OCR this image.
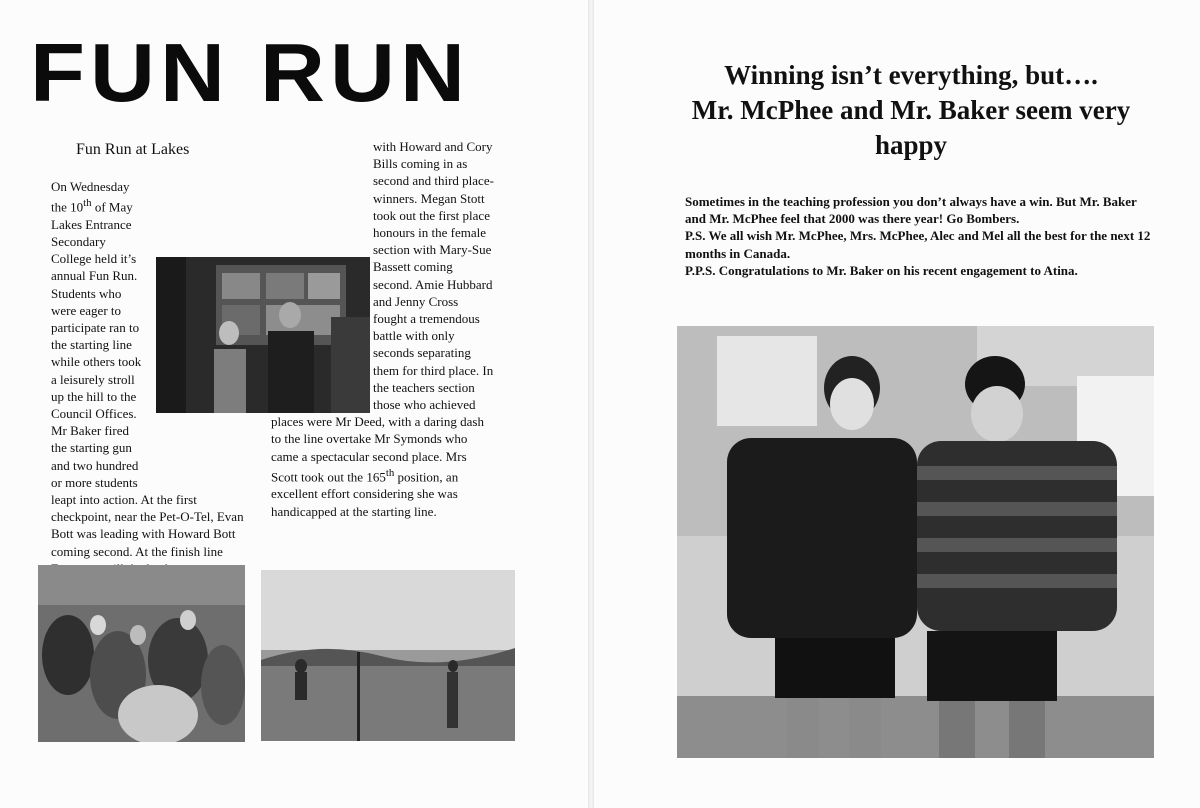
FUN RUN
Fun Run at Lakes

On Wednesday the 10th of May Lakes Entrance Secondary College held it’s annual Fun Run. Students who were eager to participate ran to the starting line while others took a leisurely stroll up the hill to the Council Offices. Mr Baker fired the starting gun and two hundred or more students leapt into action. At the first checkpoint, near the Pet-O-Tel, Evan Bott was leading with Howard Bott coming second. At the finish line

with Howard and Cory Bills coming in as second and third place-winners. Megan Stott took out the first place honours in the female section with Mary-Sue Bassett coming second. Amie Hubbard and Jenny Cross fought a tremendous battle with only seconds separating them for third place. In the teachers section those who achieved places were Mr Deed, with a daring dash to the line overtake Mr Symonds who came a spectacular second place. Mrs Scott took out the 165th position, an excellent effort considering she was handicapped at the starting line.

Winning isn’t everything, but….
Mr. McPhee and Mr. Baker seem very happy

Sometimes in the teaching profession you don’t always have a win. But Mr. Baker and Mr. McPhee feel that 2000 was there year! Go Bombers.

P.S. We all wish Mr. McPhee, Mrs. McPhee, Alec and Mel all the best for the next 12 months in Canada.

P.P.S. Congratulations to Mr. Baker on his recent engagement to Atina.
